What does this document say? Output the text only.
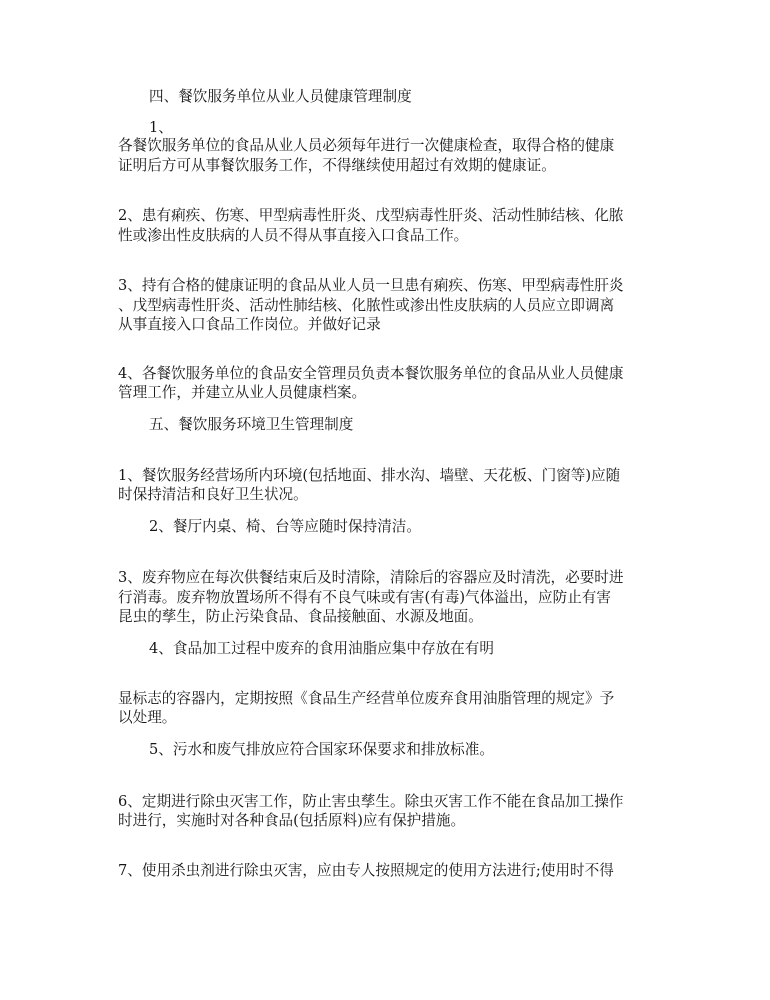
四、餐饮服务单位从业人员健康管理制度
1、
各餐饮服务单位的食品从业人员必须每年进行一次健康检查，取得合格的健康
证明后方可从事餐饮服务工作，不得继续使用超过有效期的健康证。
2、患有痢疾、伤寒、甲型病毒性肝炎、戊型病毒性肝炎、活动性肺结核、化脓
性或渗出性皮肤病的人员不得从事直接入口食品工作。
3、持有合格的健康证明的食品从业人员一旦患有痢疾、伤寒、甲型病毒性肝炎
、戊型病毒性肝炎、活动性肺结核、化脓性或渗出性皮肤病的人员应立即调离
从事直接入口食品工作岗位。并做好记录
4、各餐饮服务单位的食品安全管理员负责本餐饮服务单位的食品从业人员健康
管理工作，并建立从业人员健康档案。
五、餐饮服务环境卫生管理制度
1、餐饮服务经营场所内环境(包括地面、排水沟、墙壁、天花板、门窗等)应随
时保持清洁和良好卫生状况。
2、餐厅内桌、椅、台等应随时保持清洁。
3、废弃物应在每次供餐结束后及时清除，清除后的容器应及时清洗，必要时进
行消毒。废弃物放置场所不得有不良气味或有害(有毒)气体溢出，应防止有害
昆虫的孳生，防止污染食品、食品接触面、水源及地面。
4、食品加工过程中废弃的食用油脂应集中存放在有明
显标志的容器内，定期按照《食品生产经营单位废弃食用油脂管理的规定》予
以处理。
5、污水和废气排放应符合国家环保要求和排放标准。
6、定期进行除虫灭害工作，防止害虫孳生。除虫灭害工作不能在食品加工操作
时进行，实施时对各种食品(包括原料)应有保护措施。
7、使用杀虫剂进行除虫灭害，应由专人按照规定的使用方法进行;使用时不得
